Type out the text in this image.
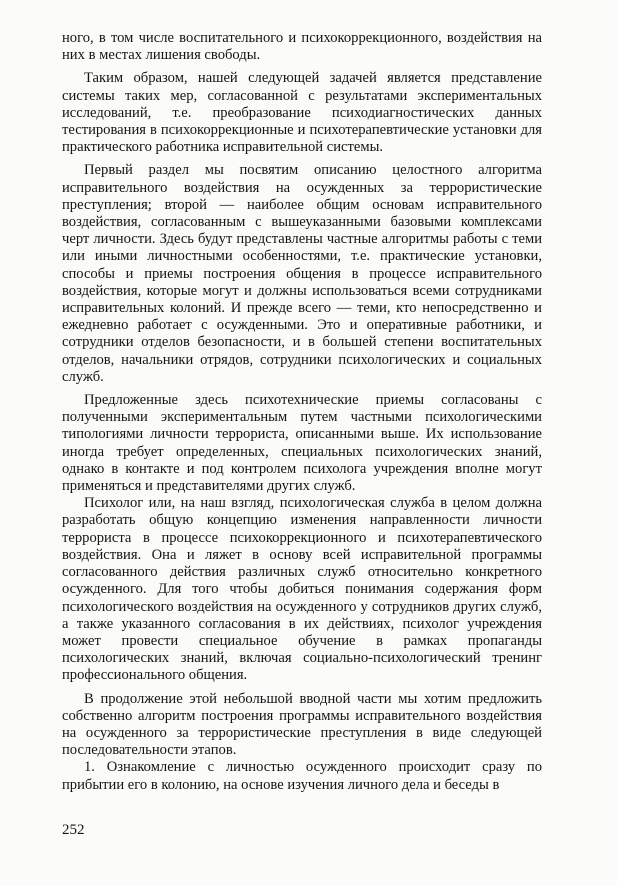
ного, в том числе воспитательного и психокоррекционного, воздействия на них в местах лишения свободы.

Таким образом, нашей следующей задачей является представление системы таких мер, согласованной с результатами экспериментальных исследований, т.е. преобразование психодиагностических данных тестирования в психокоррекционные и психотерапевтические установки для практического работника исправительной системы.

Первый раздел мы посвятим описанию целостного алгоритма исправительного воздействия на осужденных за террористические преступления; второй — наиболее общим основам исправительного воздействия, согласованным с вышеуказанными базовыми комплексами черт личности. Здесь будут представлены частные алгоритмы работы с теми или иными личностными особенностями, т.е. практические установки, способы и приемы построения общения в процессе исправительного воздействия, которые могут и должны использоваться всеми сотрудниками исправительных колоний. И прежде всего — теми, кто непосредственно и ежедневно работает с осужденными. Это и оперативные работники, и сотрудники отделов безопасности, и в большей степени воспитательных отделов, начальники отрядов, сотрудники психологических и социальных служб.

Предложенные здесь психотехнические приемы согласованы с полученными экспериментальным путем частными психологическими типологиями личности террориста, описанными выше. Их использование иногда требует определенных, специальных психологических знаний, однако в контакте и под контролем психолога учреждения вполне могут применяться и представителями других служб.

Психолог или, на наш взгляд, психологическая служба в целом должна разработать общую концепцию изменения направленности личности террориста в процессе психокоррекционного и психотерапевтического воздействия. Она и ляжет в основу всей исправительной программы согласованного действия различных служб относительно конкретного осужденного. Для того чтобы добиться понимания содержания форм психологического воздействия на осужденного у сотрудников других служб, а также указанного согласования в их действиях, психолог учреждения может провести специальное обучение в рамках пропаганды психологических знаний, включая социально-психологический тренинг профессионального общения.

В продолжение этой небольшой вводной части мы хотим предложить собственно алгоритм построения программы исправительного воздействия на осужденного за террористические преступления в виде следующей последовательности этапов.

1. Ознакомление с личностью осужденного происходит сразу по прибытии его в колонию, на основе изучения личного дела и беседы в

252
